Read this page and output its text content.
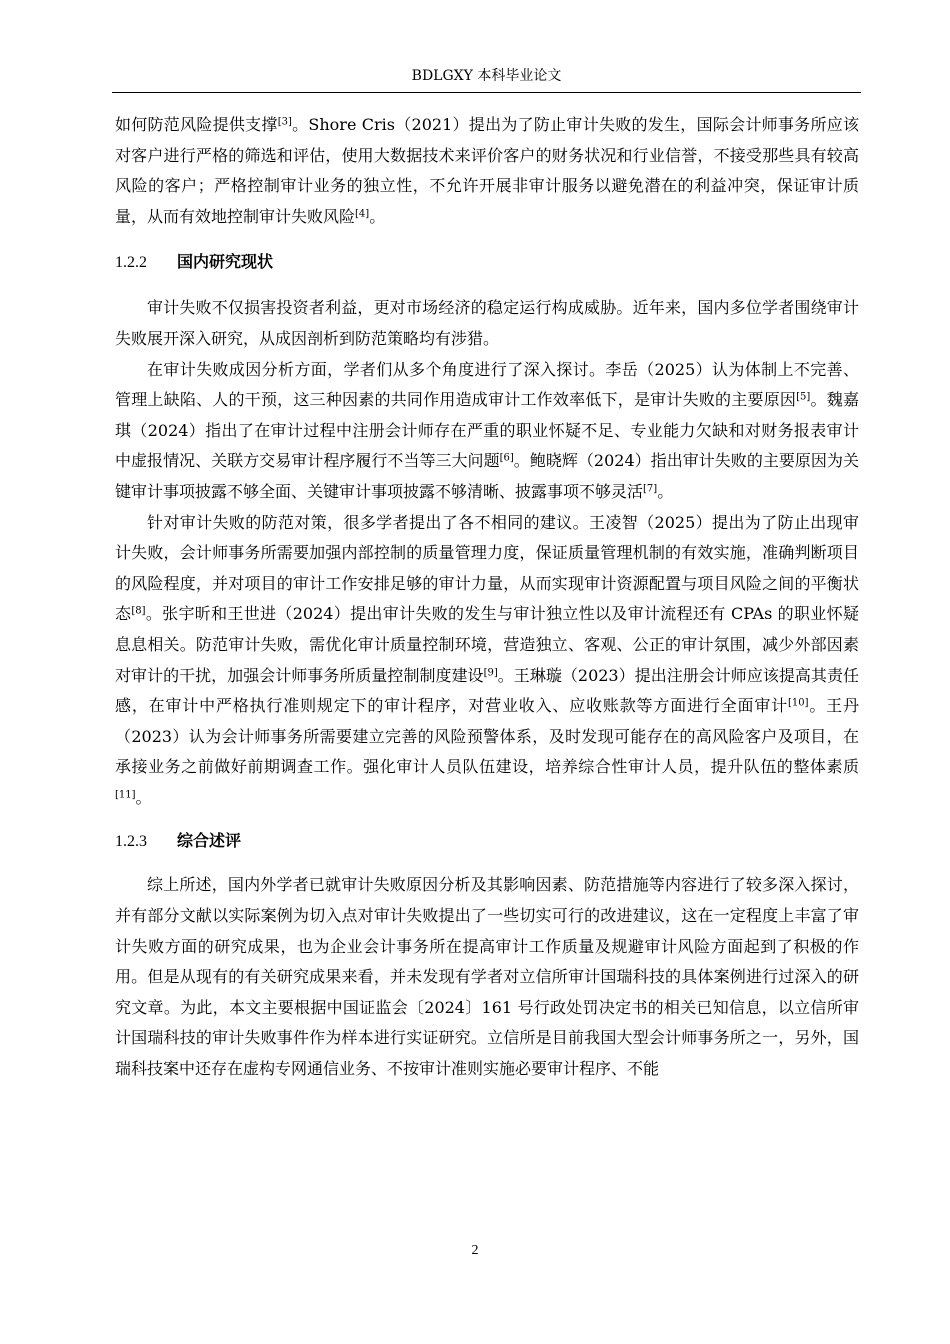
BDLGXY 本科毕业论文

如何防范风险提供支撑[3]。Shore Cris（2021）提出为了防止审计失败的发生，国际会计师事务所应该对客户进行严格的筛选和评估，使用大数据技术来评价客户的财务状况和行业信誉，不接受那些具有较高风险的客户；严格控制审计业务的独立性，不允许开展非审计服务以避免潜在的利益冲突，保证审计质量，从而有效地控制审计失败风险[4]。

1.2.2 国内研究现状

审计失败不仅损害投资者利益，更对市场经济的稳定运行构成威胁。近年来，国内多位学者围绕审计失败展开深入研究，从成因剖析到防范策略均有涉猎。

在审计失败成因分析方面，学者们从多个角度进行了深入探讨。李岳（2025）认为体制上不完善、管理上缺陷、人的干预，这三种因素的共同作用造成审计工作效率低下，是审计失败的主要原因[5]。魏嘉琪（2024）指出了在审计过程中注册会计师存在严重的职业怀疑不足、专业能力欠缺和对财务报表审计中虚报情况、关联方交易审计程序履行不当等三大问题[6]。鲍晓辉（2024）指出审计失败的主要原因为关键审计事项披露不够全面、关键审计事项披露不够清晰、披露事项不够灵活[7]。

针对审计失败的防范对策，很多学者提出了各不相同的建议。王凌智（2025）提出为了防止出现审计失败，会计师事务所需要加强内部控制的质量管理力度，保证质量管理机制的有效实施，准确判断项目的风险程度，并对项目的审计工作安排足够的审计力量，从而实现审计资源配置与项目风险之间的平衡状态[8]。张宇昕和王世进（2024）提出审计失败的发生与审计独立性以及审计流程还有 CPAs 的职业怀疑息息相关。防范审计失败，需优化审计质量控制环境，营造独立、客观、公正的审计氛围，减少外部因素对审计的干扰，加强会计师事务所质量控制制度建设[9]。王琳璇（2023）提出注册会计师应该提高其责任感，在审计中严格执行准则规定下的审计程序，对营业收入、应收账款等方面进行全面审计[10]。王丹（2023）认为会计师事务所需要建立完善的风险预警体系，及时发现可能存在的高风险客户及项目，在承接业务之前做好前期调查工作。强化审计人员队伍建设，培养综合性审计人员，提升队伍的整体素质[11]。

1.2.3 综合述评

综上所述，国内外学者已就审计失败原因分析及其影响因素、防范措施等内容进行了较多深入探讨，并有部分文献以实际案例为切入点对审计失败提出了一些切实可行的改进建议，这在一定程度上丰富了审计失败方面的研究成果，也为企业会计事务所在提高审计工作质量及规避审计风险方面起到了积极的作用。但是从现有的有关研究成果来看，并未发现有学者对立信所审计国瑞科技的具体案例进行过深入的研究文章。为此，本文主要根据中国证监会〔2024〕161 号行政处罚决定书的相关已知信息，以立信所审计国瑞科技的审计失败事件作为样本进行实证研究。立信所是目前我国大型会计师事务所之一，另外，国瑞科技案中还存在虚构专网通信业务、不按审计准则实施必要审计程序、不能

2
